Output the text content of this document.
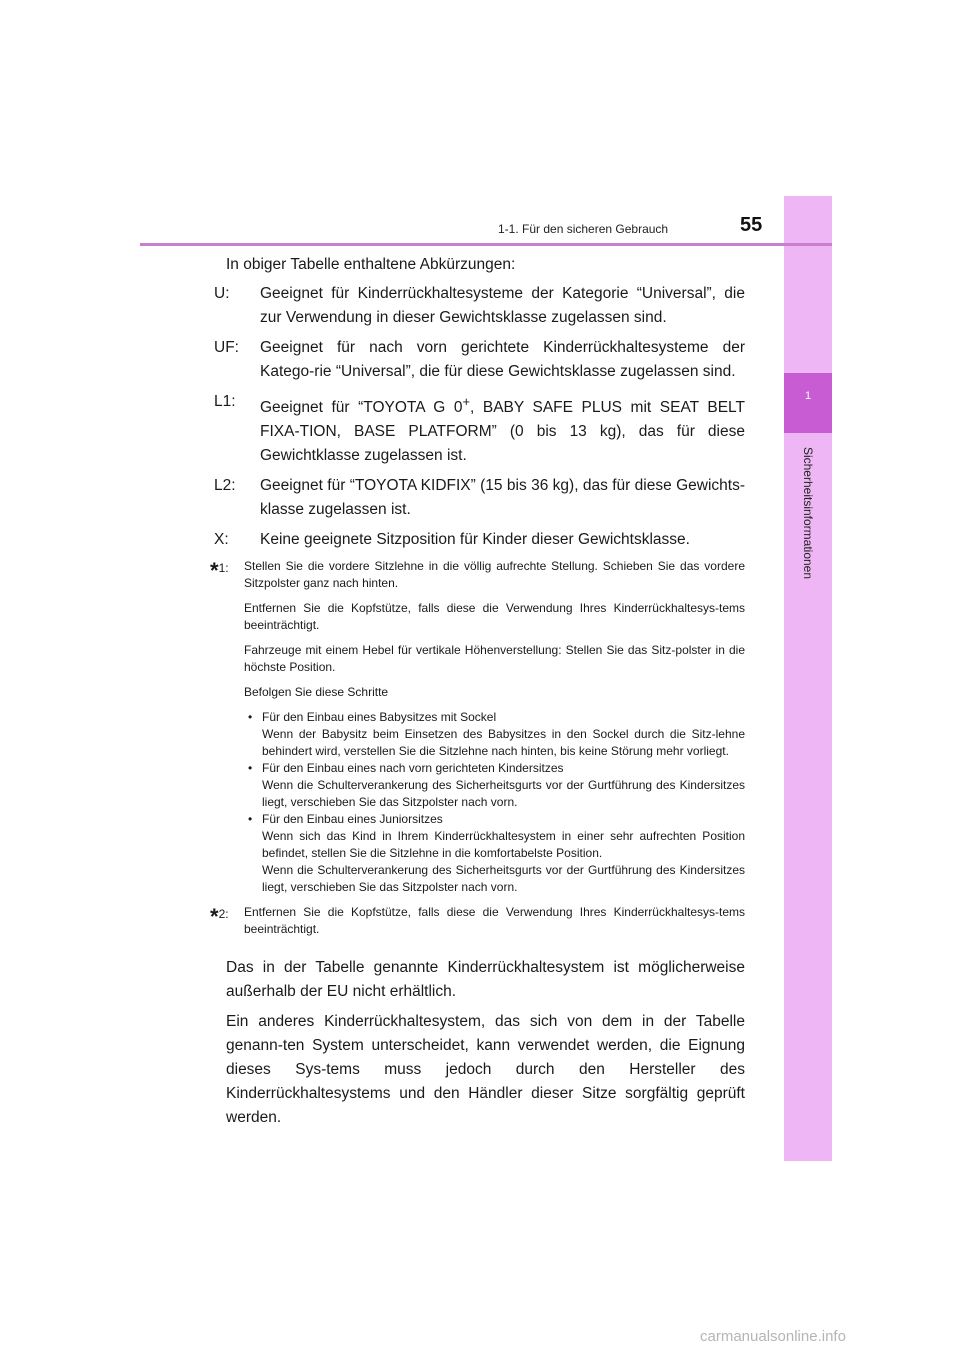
1
Sicherheitsinformationen
1-1. Für den sicheren Gebrauch	55

In obiger Tabelle enthaltene Abkürzungen:

U:	Geeignet für Kinderrückhaltesysteme der Kategorie “Universal”, die zur Verwendung in dieser Gewichtsklasse zugelassen sind.
UF:	Geeignet für nach vorn gerichtete Kinderrückhaltesysteme der Katego-rie “Universal”, die für diese Gewichtsklasse zugelassen sind.
L1:	Geeignet für “TOYOTA G 0+, BABY SAFE PLUS mit SEAT BELT FIXA-TION, BASE PLATFORM” (0 bis 13 kg), das für diese Gewichtklasse zugelassen ist.
L2:	Geeignet für “TOYOTA KIDFIX” (15 bis 36 kg), das für diese Gewichts-klasse zugelassen ist.
X:	Keine geeignete Sitzposition für Kinder dieser Gewichtsklasse.
*1:	Stellen Sie die vordere Sitzlehne in die völlig aufrechte Stellung. Schieben Sie das vordere Sitzpolster ganz nach hinten.

Entfernen Sie die Kopfstütze, falls diese die Verwendung Ihres Kinderrückhaltesys-tems beeinträchtigt.

Fahrzeuge mit einem Hebel für vertikale Höhenverstellung: Stellen Sie das Sitz-polster in die höchste Position.

Befolgen Sie diese Schritte

• Für den Einbau eines Babysitzes mit Sockel
Wenn der Babysitz beim Einsetzen des Babysitzes in den Sockel durch die Sitz-lehne behindert wird, verstellen Sie die Sitzlehne nach hinten, bis keine Störung mehr vorliegt.
• Für den Einbau eines nach vorn gerichteten Kindersitzes
Wenn die Schulterverankerung des Sicherheitsgurts vor der Gurtführung des Kindersitzes liegt, verschieben Sie das Sitzpolster nach vorn.
• Für den Einbau eines Juniorsitzes
Wenn sich das Kind in Ihrem Kinderrückhaltesystem in einer sehr aufrechten Position befindet, stellen Sie die Sitzlehne in die komfortabelste Position.
Wenn die Schulterverankerung des Sicherheitsgurts vor der Gurtführung des Kindersitzes liegt, verschieben Sie das Sitzpolster nach vorn.
*2:	Entfernen Sie die Kopfstütze, falls diese die Verwendung Ihres Kinderrückhaltesys-tems beeinträchtigt.

Das in der Tabelle genannte Kinderrückhaltesystem ist möglicherweise außerhalb der EU nicht erhältlich.

Ein anderes Kinderrückhaltesystem, das sich von dem in der Tabelle genann-ten System unterscheidet, kann verwendet werden, die Eignung dieses Sys-tems muss jedoch durch den Hersteller des Kinderrückhaltesystems und den Händler dieser Sitze sorgfältig geprüft werden.

carmanualsonline.info
